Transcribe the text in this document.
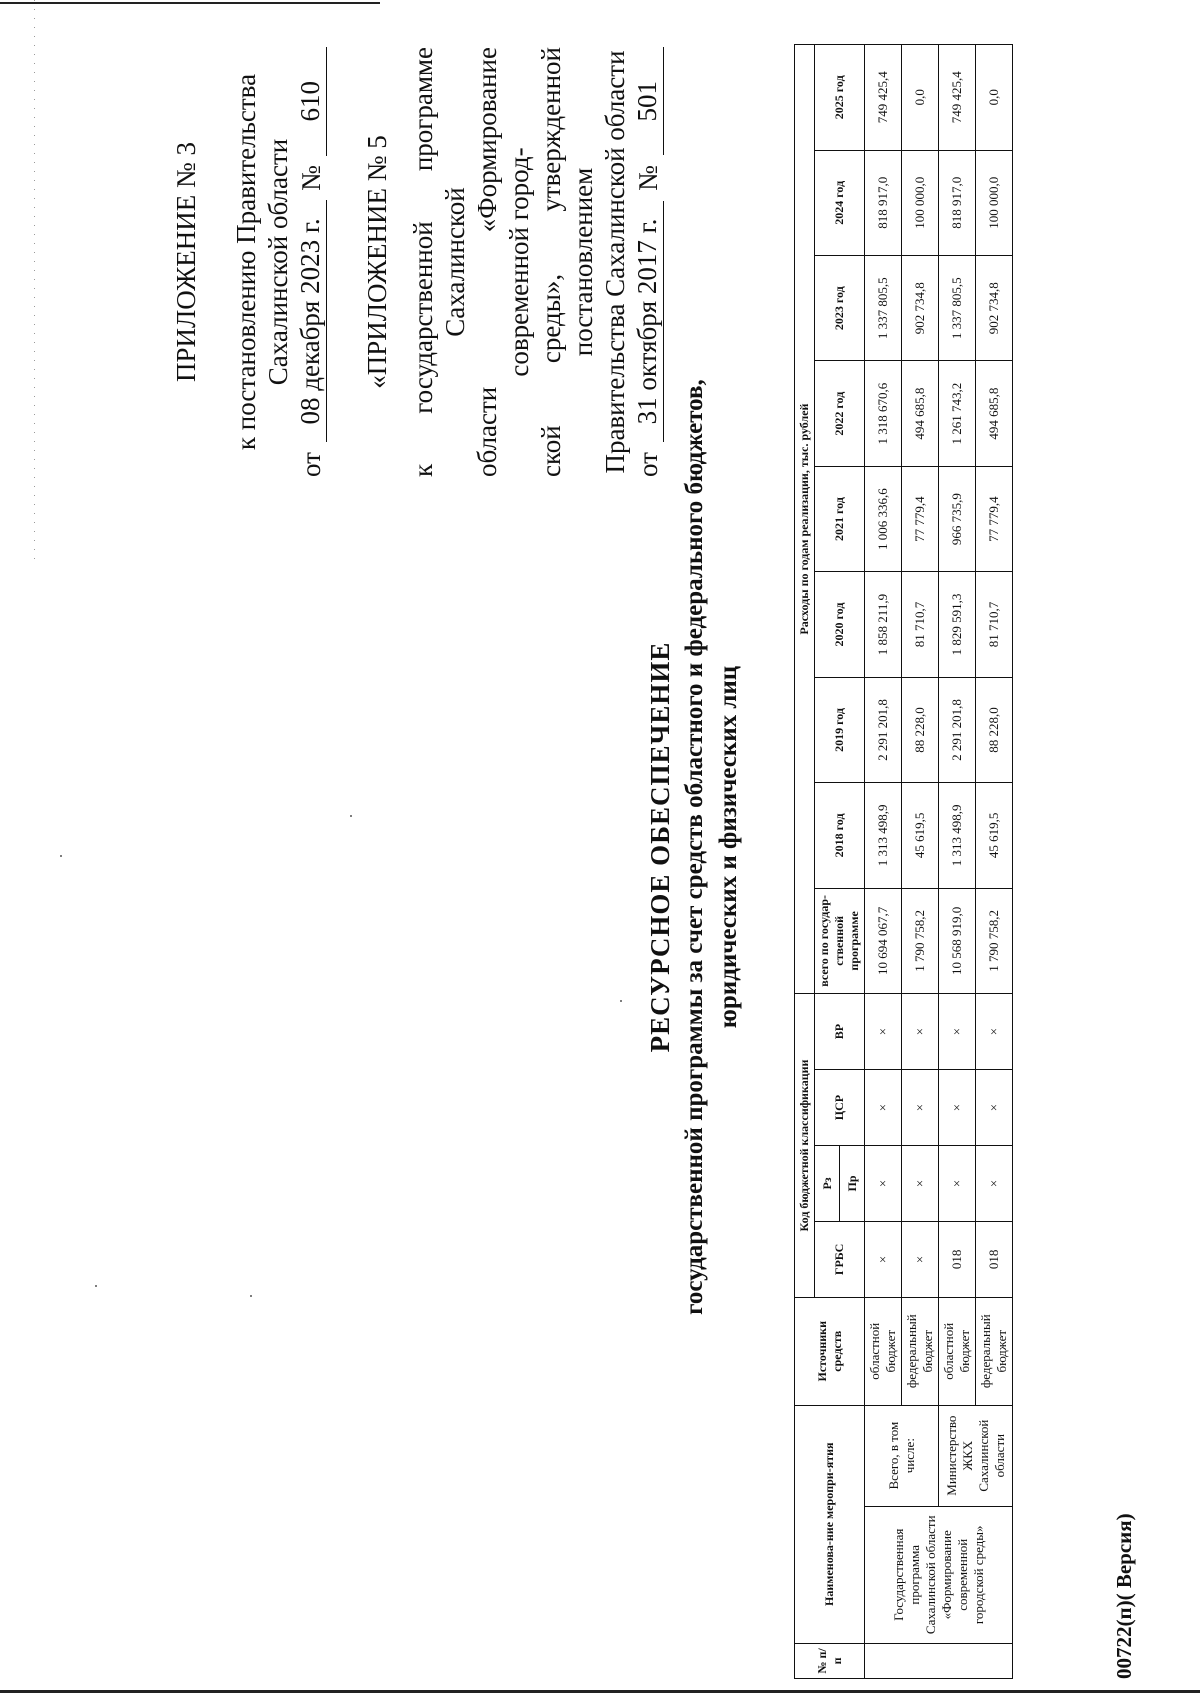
ПРИЛОЖЕНИЕ № 3 к постановлению Правительства Сахалинской области
от
08 декабря 2023 г.
№
610
«ПРИЛОЖЕНИЕ № 5 к государственной программе Сахалинской области «Формирование современной город- ской среды», утвержденной постановлением Правительства Сахалинской области от
31 октября 2017 г.
№
501
РЕСУРСНОЕ ОБЕСПЕЧЕНИЕ государственной программы за счет средств областного и федерального бюджетов, юридических и физических лиц
№ п/п	Наименова-ние меропри-ятия		Источники средств	Код бюджетной классификации				Расходы по годам реализации, тыс. рублей								
				ГРБС	Рз	ЦСР	ВР	всего по государ-ственной программе	2018 год	2019 год	2020 год	2021 год	2022 год	2023 год	2024 год	2025 год
					Пр											
	Государственная программа Сахалинской области «Формирование современной городской среды»	Всего, в том числе:	областной бюджет	×	×	×	×	10 694 067,7	1 313 498,9	2 291 201,8	1 858 211,9	1 006 336,6	1 318 670,6	1 337 805,5	818 917,0	749 425,4
			федеральный бюджет	×	×	×	×	1 790 758,2	45 619,5	88 228,0	81 710,7	77 779,4	494 685,8	902 734,8	100 000,0	0,0
		Министерство ЖКХ Сахалинской области	областной бюджет	018	×	×	×	10 568 919,0	1 313 498,9	2 291 201,8	1 829 591,3	966 735,9	1 261 743,2	1 337 805,5	818 917,0	749 425,4
			федеральный бюджет	018	×	×	×	1 790 758,2	45 619,5	88 228,0	81 710,7	77 779,4	494 685,8	902 734,8	100 000,0	0,0
00722(п)( Версия)
